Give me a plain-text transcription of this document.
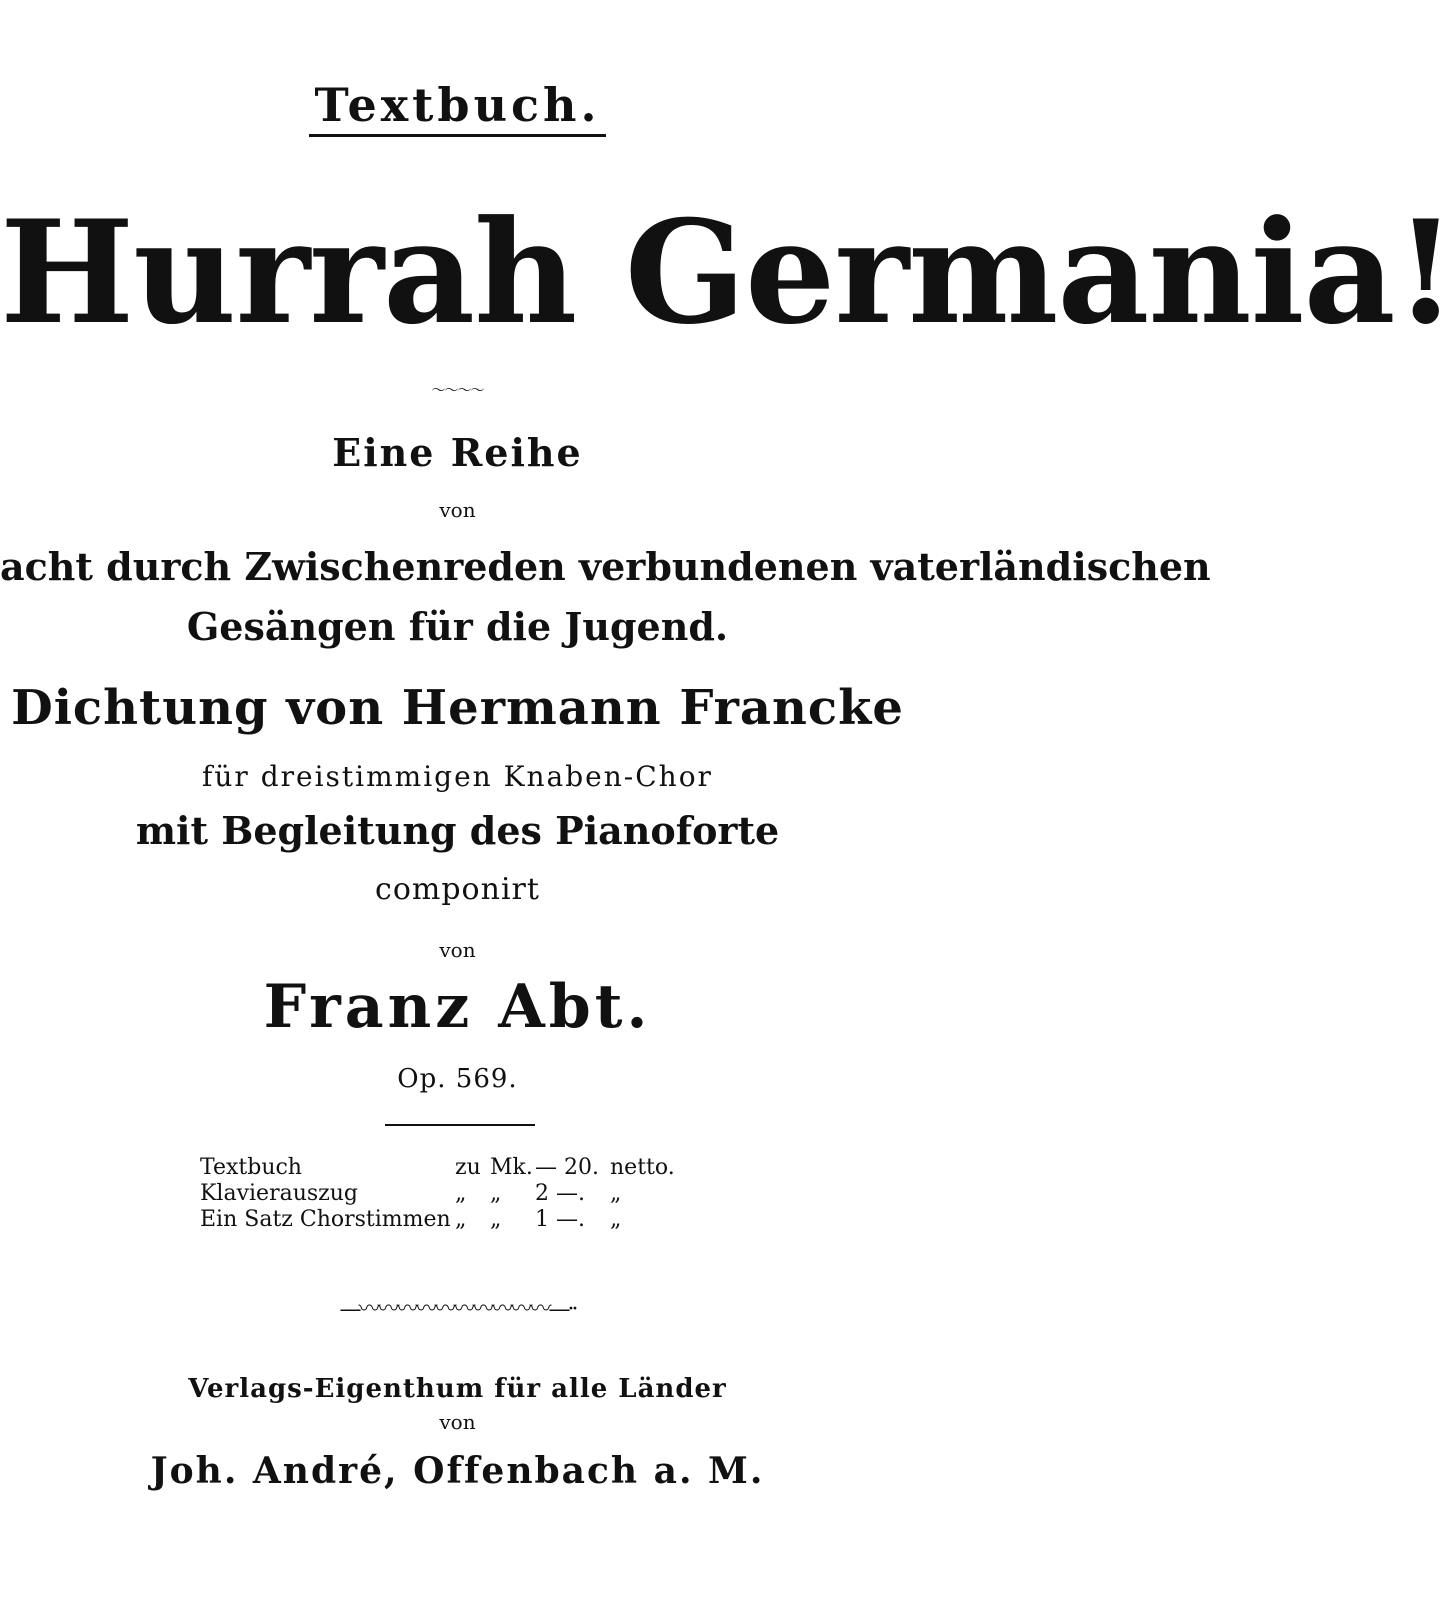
Textbuch.
Hurrah Germania!
〜〜〜〜
Eine Reihe
von
acht durch Zwischenreden verbundenen vaterländischen
Gesängen für die Jugend.
Dichtung von Hermann Francke
für dreistimmigen Knaben-Chor
mit Begleitung des Pianoforte
componirt
von
Franz Abt.
Op. 569.
Textbuch	zu Mk. — 20. netto.
Klavierauszug	„ „ 2 —. „
Ein Satz Chorstimmen „ „ 1 —. „
—〰〰〰〰〰〰〰〰〰〰—··
Verlags-Eigenthum für alle Länder
von
Joh. André, Offenbach a. M.
